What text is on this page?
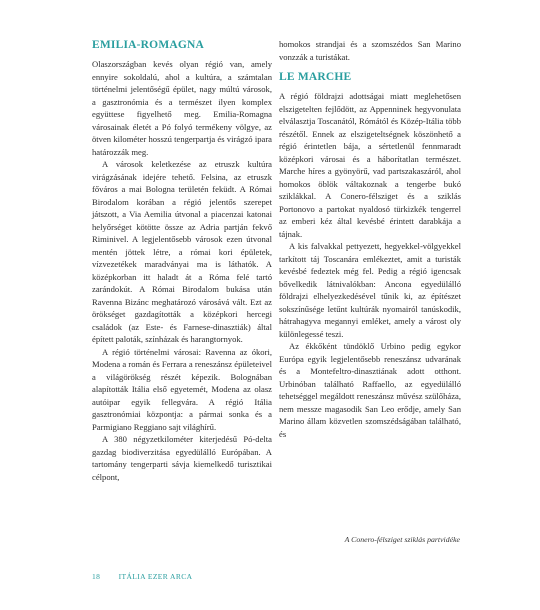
EMILIA-ROMAGNA

Olaszországban kevés olyan régió van, amely ennyire sokoldalú, ahol a kultúra, a számtalan történelmi jelentőségű épület, nagy múltú városok, a gasztronómia és a természet ilyen komplex együttese figyelhető meg. Emilia-Romagna városainak életét a Pó folyó termékeny völgye, az ötven kilométer hosszú tengerpartja és virágzó ipara határozzák meg.

A városok keletkezése az etruszk kultúra virágzásának idejére tehető. Felsina, az etruszk főváros a mai Bologna területén feküdt. A Római Birodalom korában a régió jelentős szerepet játszott, a Via Aemilia útvonal a piacenzai katonai helyőrséget kötötte össze az Adria partján fekvő Riminivel. A legjelentősebb városok ezen útvonal mentén jöttek létre, a római kori épületek, vízvezetékek maradványai ma is láthatók. A középkorban itt haladt át a Róma felé tartó zarándokút. A Római Birodalom bukása után Ravenna Bizánc meghatározó városává vált. Ezt az örökséget gazdagították a középkori hercegi családok (az Este- és Farnese-dinasztiák) által épített paloták, színházak és harangtornyok.

A régió történelmi városai: Ravenna az ókori, Modena a román és Ferrara a reneszánsz épületeivel a világörökség részét képezik. Bolognában alapították Itália első egyetemét, Modena az olasz autóipar egyik fellegvára. A régió Itália gasztronómiai központja: a pármai sonka és a Parmigiano Reggiano sajt világhírű.

A 380 négyzetkilométer kiterjedésű Pó-delta gazdag biodiverzitása egyedülálló Európában. A tartomány tengerparti sávja kiemelkedő turisztikai célpont,

homokos strandjai és a szomszédos San Marino vonzzák a turistákat.

LE MARCHE

A régió földrajzi adottságai miatt meglehetősen elszigetelten fejlődött, az Appenninek hegyvonulata elválasztja Toscanától, Rómától és Közép-Itália több részétől. Ennek az elszigeteltségnek köszönhető a régió érintetlen bája, a sértetlenül fennmaradt középkori városai és a háborítatlan természet. Marche híres a gyönyörű, vad partszakaszáról, ahol homokos öblök váltakoznak a tengerbe bukó sziklákkal. A Conero-félsziget és a sziklás Portonovo a partokat nyaldosó türkizkék tengerrel az emberi kéz által kevésbé érintett darabkája a tájnak.

A kis falvakkal pettyezett, hegyekkel-völgyekkel tarkított táj Toscanára emlékeztet, amit a turisták kevésbé fedeztek még fel. Pedig a régió igencsak bővelkedik látnivalókban: Ancona egyedülálló földrajzi elhelyezkedésével tűnik ki, az építészet sokszínűsége letűnt kultúrák nyomairól tanúskodik, hátrahagyva megannyi emléket, amely a várost oly különlegessé teszi.

Az ékkőként tündöklő Urbino pedig egykor Európa egyik legjelentősebb reneszánsz udvarának és a Montefeltro-dinasztiának adott otthont. Urbinóban található Raffaello, az egyedülálló tehetséggel megáldott reneszánsz művész szülőháza, nem messze magasodik San Leo erődje, amely San Marino állam közvetlen szomszédságában található, és

A Conero-félsziget sziklás partvidéke
18 ITÁLIA EZER ARCA
